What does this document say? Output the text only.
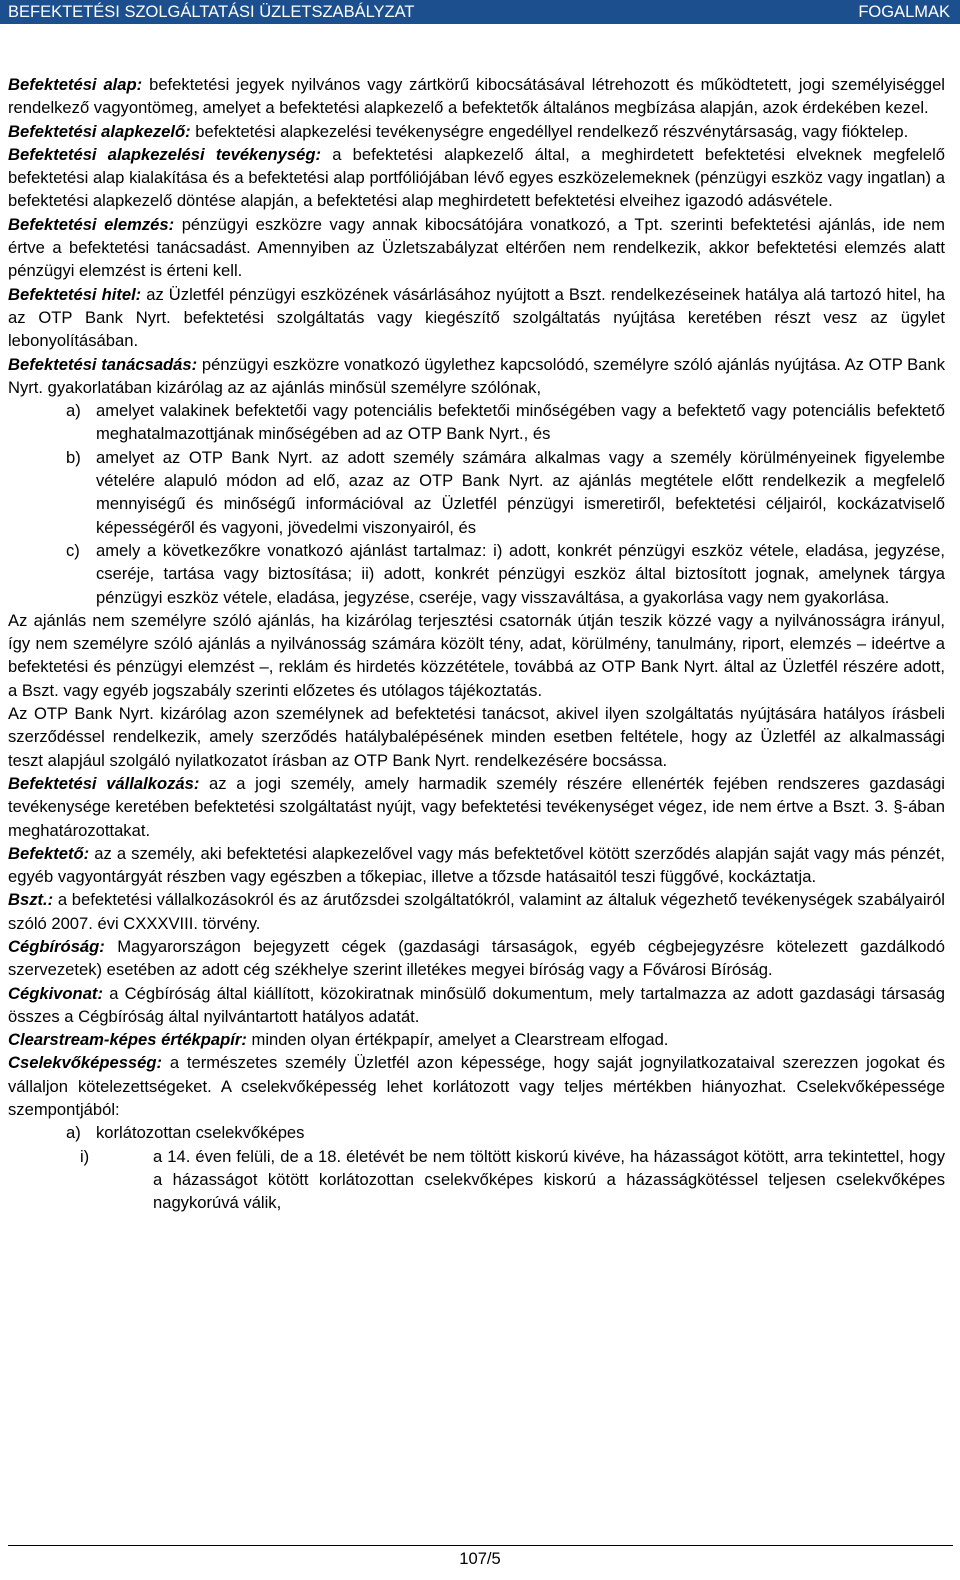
BEFEKTETÉSI SZOLGÁLTATÁSI ÜZLETSZABÁLYZAT	FOGALMAK

Befektetési alap: befektetési jegyek nyilvános vagy zártkörű kibocsátásával létrehozott és működtetett, jogi személyiséggel rendelkező vagyontömeg, amelyet a befektetési alapkezelő a befektetők általános megbízása alapján, azok érdekében kezel.

Befektetési alapkezelő: befektetési alapkezelési tevékenységre engedéllyel rendelkező részvénytársaság, vagy fióktelep.

Befektetési alapkezelési tevékenység: a befektetési alapkezelő által, a meghirdetett befektetési elveknek megfelelő befektetési alap kialakítása és a befektetési alap portfóliójában lévő egyes eszközelemeknek (pénzügyi eszköz vagy ingatlan) a befektetési alapkezelő döntése alapján, a befektetési alap meghirdetett befektetési elveihez igazodó adásvétele.

Befektetési elemzés: pénzügyi eszközre vagy annak kibocsátójára vonatkozó, a Tpt. szerinti befektetési ajánlás, ide nem értve a befektetési tanácsadást. Amennyiben az Üzletszabályzat eltérően nem rendelkezik, akkor befektetési elemzés alatt pénzügyi elemzést is érteni kell.

Befektetési hitel: az Üzletfél pénzügyi eszközének vásárlásához nyújtott a Bszt. rendelkezéseinek hatálya alá tartozó hitel, ha az OTP Bank Nyrt. befektetési szolgáltatás vagy kiegészítő szolgáltatás nyújtása keretében részt vesz az ügylet lebonyolításában.

Befektetési tanácsadás: pénzügyi eszközre vonatkozó ügylethez kapcsolódó, személyre szóló ajánlás nyújtása. Az OTP Bank Nyrt. gyakorlatában kizárólag az az ajánlás minősül személyre szólónak,

a) amelyet valakinek befektetői vagy potenciális befektetői minőségében vagy a befektető vagy potenciális befektető meghatalmazottjának minőségében ad az OTP Bank Nyrt., és
b) amelyet az OTP Bank Nyrt. az adott személy számára alkalmas vagy a személy körülményeinek figyelembe vételére alapuló módon ad elő, azaz az OTP Bank Nyrt. az ajánlás megtétele előtt rendelkezik a megfelelő mennyiségű és minőségű információval az Üzletfél pénzügyi ismeretiről, befektetési céljairól, kockázatviselő képességéről és vagyoni, jövedelmi viszonyairól, és
c) amely a következőkre vonatkozó ajánlást tartalmaz: i) adott, konkrét pénzügyi eszköz vétele, eladása, jegyzése, cseréje, tartása vagy biztosítása; ii) adott, konkrét pénzügyi eszköz által biztosított jognak, amelynek tárgya pénzügyi eszköz vétele, eladása, jegyzése, cseréje, vagy visszaváltása, a gyakorlása vagy nem gyakorlása.

Az ajánlás nem személyre szóló ajánlás, ha kizárólag terjesztési csatornák útján teszik közzé vagy a nyilvánosságra irányul, így nem személyre szóló ajánlás a nyilvánosság számára közölt tény, adat, körülmény, tanulmány, riport, elemzés – ideértve a befektetési és pénzügyi elemzést –, reklám és hirdetés közzététele, továbbá az OTP Bank Nyrt. által az Üzletfél részére adott, a Bszt. vagy egyéb jogszabály szerinti előzetes és utólagos tájékoztatás.

Az OTP Bank Nyrt. kizárólag azon személynek ad befektetési tanácsot, akivel ilyen szolgáltatás nyújtására hatályos írásbeli szerződéssel rendelkezik, amely szerződés hatálybalépésének minden esetben feltétele, hogy az Üzletfél az alkalmassági teszt alapjául szolgáló nyilatkozatot írásban az OTP Bank Nyrt. rendelkezésére bocsássa.

Befektetési vállalkozás: az a jogi személy, amely harmadik személy részére ellenérték fejében rendszeres gazdasági tevékenysége keretében befektetési szolgáltatást nyújt, vagy befektetési tevékenységet végez, ide nem értve a Bszt. 3. §-ában meghatározottakat.

Befektető: az a személy, aki befektetési alapkezelővel vagy más befektetővel kötött szerződés alapján saját vagy más pénzét, egyéb vagyontárgyát részben vagy egészben a tőkepiac, illetve a tőzsde hatásaitól teszi függővé, kockáztatja.

Bszt.: a befektetési vállalkozásokról és az árutőzsdei szolgáltatókról, valamint az általuk végezhető tevékenységek szabályairól szóló 2007. évi CXXXVIII. törvény.

Cégbíróság: Magyarországon bejegyzett cégek (gazdasági társaságok, egyéb cégbejegyzésre kötelezett gazdálkodó szervezetek) esetében az adott cég székhelye szerint illetékes megyei bíróság vagy a Fővárosi Bíróság.

Cégkivonat: a Cégbíróság által kiállított, közokiratnak minősülő dokumentum, mely tartalmazza az adott gazdasági társaság összes a Cégbíróság által nyilvántartott hatályos adatát.

Clearstream-képes értékpapír: minden olyan értékpapír, amelyet a Clearstream elfogad.

Cselekvőképesség: a természetes személy Üzletfél azon képessége, hogy saját jognyilatkozataival szerezzen jogokat és vállaljon kötelezettségeket. A cselekvőképesség lehet korlátozott vagy teljes mértékben hiányozhat. Cselekvőképessége szempontjából:

a) korlátozottan cselekvőképes
i)	a 14. éven felüli, de a 18. életévét be nem töltött kiskorú kivéve, ha házasságot kötött, arra tekintettel, hogy a házasságot kötött korlátozottan cselekvőképes kiskorú a házasságkötéssel teljesen cselekvőképes nagykorúvá válik,
107/5
